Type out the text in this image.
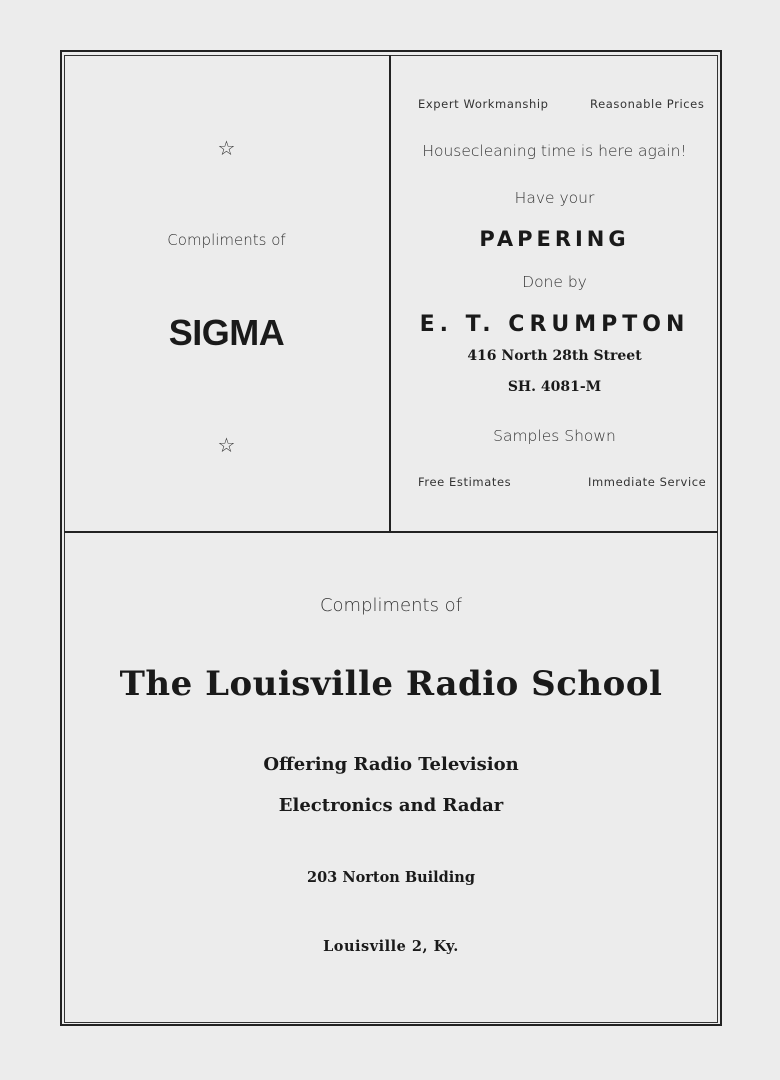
☆
Compliments of
SIGMA
☆
Expert Workmanship	Reasonable Prices
Housecleaning time is here again!
Have your
PAPERING
Done by
E. T. CRUMPTON
416 North 28th Street
SH. 4081-M
Samples Shown
Free Estimates	Immediate Service
Compliments of
The Louisville Radio School
Offering Radio Television
Electronics and Radar
203 Norton Building
Louisville 2, Ky.
